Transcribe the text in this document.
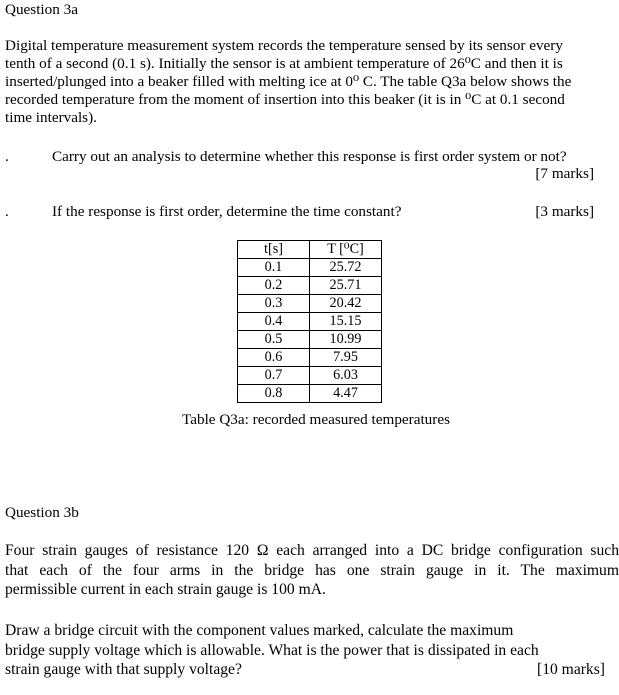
Question 3a
Digital temperature measurement system records the temperature sensed by its sensor every
tenth of a second (0.1 s). Initially the sensor is at ambient temperature of 26⁰C and then it is
inserted/plunged into a beaker filled with melting ice at 0⁰ C. The table Q3a below shows the
recorded temperature from the moment of insertion into this beaker (it is in ⁰C at 0.1 second
time intervals).
.	Carry out an analysis to determine whether this response is first order system or not?
[7 marks]
.	If the response is first order, determine the time constant?	[3 marks]
t[s]	T [⁰C]
0.1	25.72
0.2	25.71
0.3	20.42
0.4	15.15
0.5	10.99
0.6	7.95
0.7	6.03
0.8	4.47
Table Q3a: recorded measured temperatures
Question 3b
Four strain gauges of resistance 120 Ω each arranged into a DC bridge configuration such
that each of the four arms in the bridge has one strain gauge in it. The maximum
permissible current in each strain gauge is 100 mA.
Draw a bridge circuit with the component values marked, calculate the maximum
bridge supply voltage which is allowable. What is the power that is dissipated in each
strain gauge with that supply voltage?	[10 marks]
